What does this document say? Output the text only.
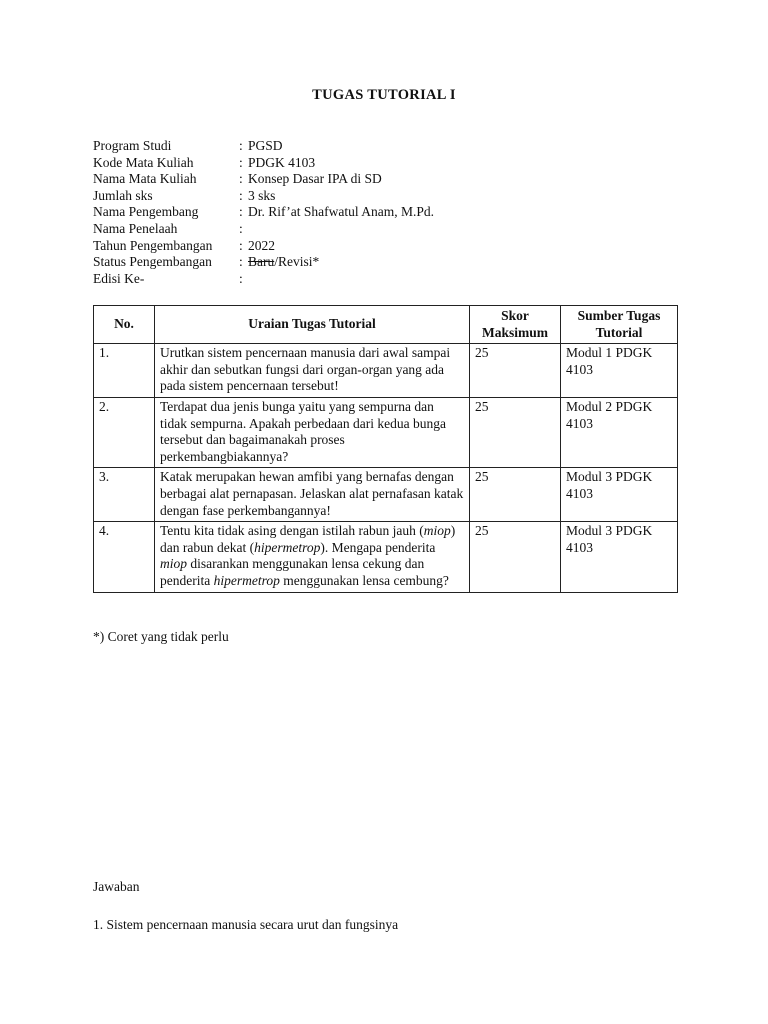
TUGAS TUTORIAL I
Program Studi	: PGSD
Kode Mata Kuliah	: PDGK 4103
Nama Mata Kuliah	: Konsep Dasar IPA di SD
Jumlah sks	: 3 sks
Nama Pengembang	: Dr. Rif’at Shafwatul Anam, M.Pd.
Nama Penelaah	:
Tahun Pengembangan : 2022
Status Pengembangan : Baru/Revisi*
Edisi Ke-	:
No.	Uraian Tugas Tutorial	Skor Maksimum	Sumber Tugas Tutorial
1.	Urutkan sistem pencernaan manusia dari awal sampai akhir dan sebutkan fungsi dari organ-organ yang ada pada sistem pencernaan tersebut!	25	Modul 1 PDGK 4103
2.	Terdapat dua jenis bunga yaitu yang sempurna dan tidak sempurna. Apakah perbedaan dari kedua bunga tersebut dan bagaimanakah proses perkembangbiakannya?	25	Modul 2 PDGK 4103
3.	Katak merupakan hewan amfibi yang bernafas dengan berbagai alat pernapasan. Jelaskan alat pernafasan katak dengan fase perkembangannya!	25	Modul 3 PDGK 4103
4.	Tentu kita tidak asing dengan istilah rabun jauh (miop) dan rabun dekat (hipermetrop). Mengapa penderita miop disarankan menggunakan lensa cekung dan penderita hipermetrop menggunakan lensa cembung?	25	Modul 3 PDGK 4103
*) Coret yang tidak perlu
Jawaban
1. Sistem pencernaan manusia secara urut dan fungsinya
